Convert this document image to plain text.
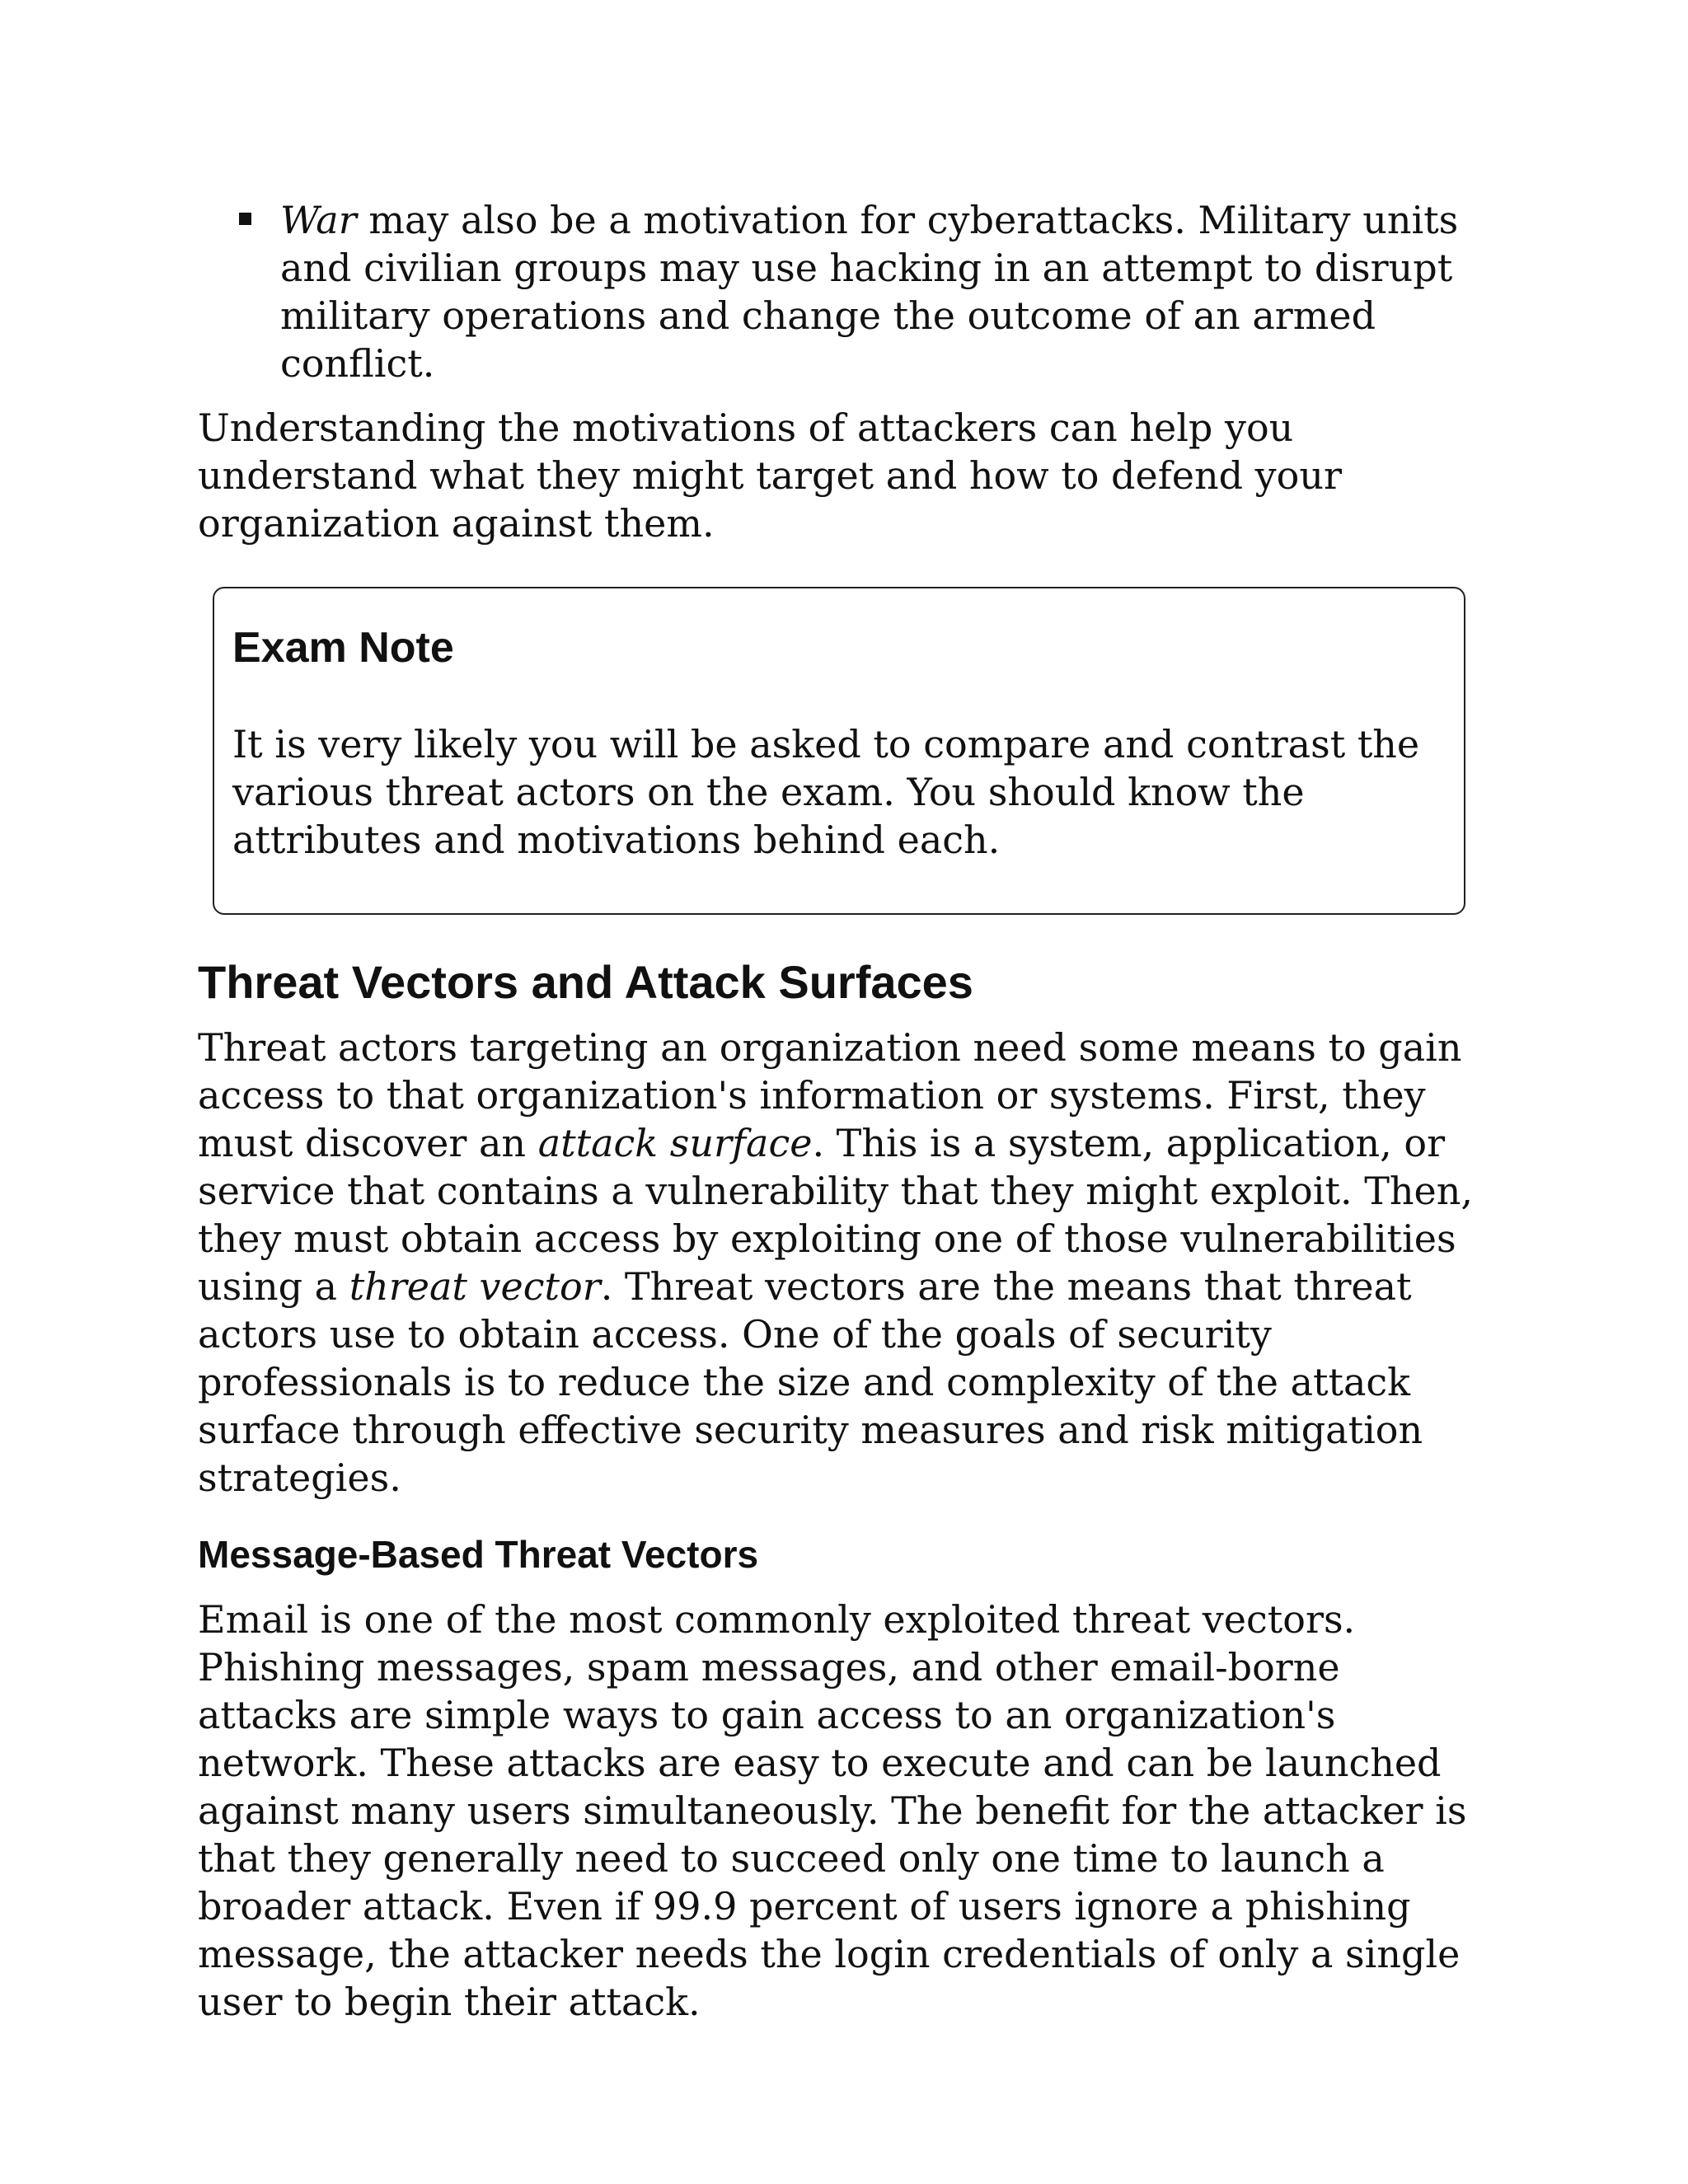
War may also be a motivation for cyberattacks. Military units and civilian groups may use hacking in an attempt to disrupt military operations and change the outcome of an armed conflict.

Understanding the motivations of attackers can help you understand what they might target and how to defend your organization against them.

Exam Note

It is very likely you will be asked to compare and contrast the various threat actors on the exam. You should know the attributes and motivations behind each.

Threat Vectors and Attack Surfaces

Threat actors targeting an organization need some means to gain access to that organization's information or systems. First, they must discover an attack surface. This is a system, application, or service that contains a vulnerability that they might exploit. Then, they must obtain access by exploiting one of those vulnerabilities using a threat vector. Threat vectors are the means that threat actors use to obtain access. One of the goals of security professionals is to reduce the size and complexity of the attack surface through effective security measures and risk mitigation strategies.

Message-Based Threat Vectors

Email is one of the most commonly exploited threat vectors. Phishing messages, spam messages, and other email-borne attacks are simple ways to gain access to an organization's network. These attacks are easy to execute and can be launched against many users simultaneously. The benefit for the attacker is that they generally need to succeed only one time to launch a broader attack. Even if 99.9 percent of users ignore a phishing message, the attacker needs the login credentials of only a single user to begin their attack.
